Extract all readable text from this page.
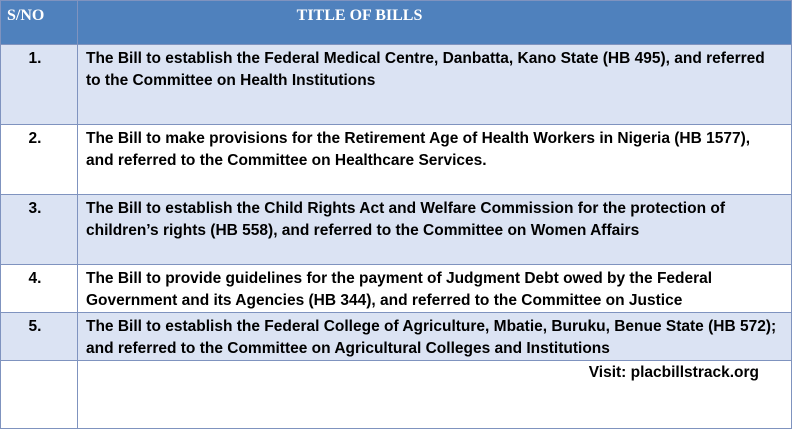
S/NO	TITLE OF BILLS
1.	The Bill to establish the Federal Medical Centre, Danbatta, Kano State (HB 495), and referred to the Committee on Health Institutions
2.	The Bill to make provisions for the Retirement Age of Health Workers in Nigeria (HB 1577), and referred to the Committee on Healthcare Services.
3.	The Bill to establish the Child Rights Act and Welfare Commission for the protection of children’s rights (HB 558), and referred to the Committee on Women Affairs
4.	The Bill to provide guidelines for the payment of Judgment Debt owed by the Federal Government and its Agencies (HB 344), and referred to the Committee on Justice
5.	The Bill to establish the Federal College of Agriculture, Mbatie, Buruku, Benue State (HB 572); and referred to the Committee on Agricultural Colleges and Institutions
	Visit: placbillstrack.org
